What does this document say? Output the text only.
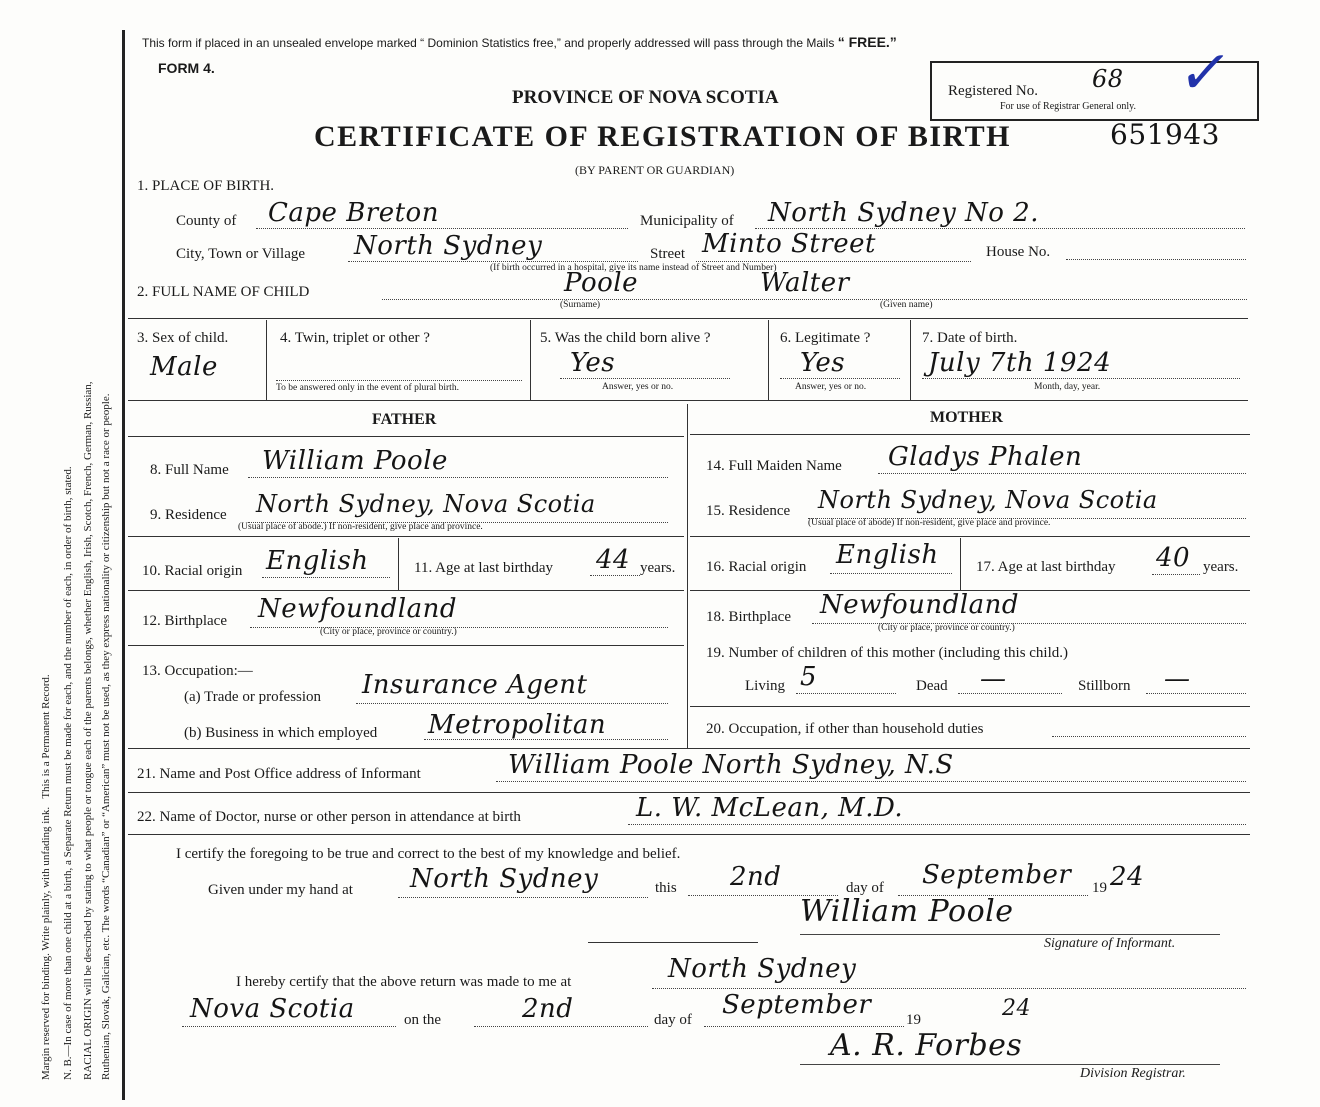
Margin reserved for binding. Write plainly, with unfading ink.   This is a Permanent Record. N. B.—In case of more than one child at a birth, a Separate Return must be made for each, and the number of each, in order of birth, stated. RACIAL ORIGIN will be described by stating to what people or tongue each of the parents belongs, whether English, Irish, Scotch, French, German, Russian, Ruthenian, Slovak, Galician, etc. The words “Canadian” or “American” must not be used, as they express nationality or citizenship but not a race or people.
This form if placed in an unsealed envelope marked “ Dominion Statistics free,” and properly addressed will pass through the Mails “ FREE.”
FORM 4.
PROVINCE OF NOVA SCOTIA
CERTIFICATE OF REGISTRATION OF BIRTH
(BY PARENT OR GUARDIAN)
Registered No. 68
For use of Registrar General only. ✓
651943
1. PLACE OF BIRTH.
County of Cape Breton	Municipality of North Sydney No 2.
City, Town or Village North Sydney	Street Minto Street	House No.
(If birth occurred in a hospital, give its name instead of Street and Number)
2. FULL NAME OF CHILD	Poole	Walter
(Surname)	(Given name)
3. Sex of child.
Male
4. Twin, triplet or other ?
To be answered only in the event of plural birth.
5. Was the child born alive ?
Yes
Answer, yes or no.
6. Legitimate ?
Yes
Answer, yes or no.
7. Date of birth.
July 7th 1924
Month, day, year.
FATHER	MOTHER
8. Full Name William Poole
9. Residence North Sydney, Nova Scotia
(Usual place of abode.) If non-resident, give place and province.
10. Racial origin English	11. Age at last birthday 44 years.
12. Birthplace Newfoundland
(City or place, province or country.)
13. Occupation:—
(a) Trade or profession Insurance Agent
(b) Business in which employed Metropolitan
14. Full Maiden Name Gladys Phalen
15. Residence North Sydney, Nova Scotia
(Usual place of abode) If non-resident, give place and province.
16. Racial origin English 17. Age at last birthday 40 years.
18. Birthplace Newfoundland
(City or place, province or country.)
19. Number of children of this mother (including this child.)
Living 5	Dead —	Stillborn —
20. Occupation, if other than household duties
21. Name and Post Office address of Informant	William Poole North Sydney, N.S
22. Name of Doctor, nurse or other person in attendance at birth	L. W. McLean, M.D.
I certify the foregoing to be true and correct to the best of my knowledge and belief.
Given under my hand at North Sydney	this 2nd	day of September 19 24
William Poole
Signature of Informant.
I hereby certify that the above return was made to me at	North Sydney
Nova Scotia	on the	2nd	day of September 19	24
A. R. Forbes
Division Registrar.
